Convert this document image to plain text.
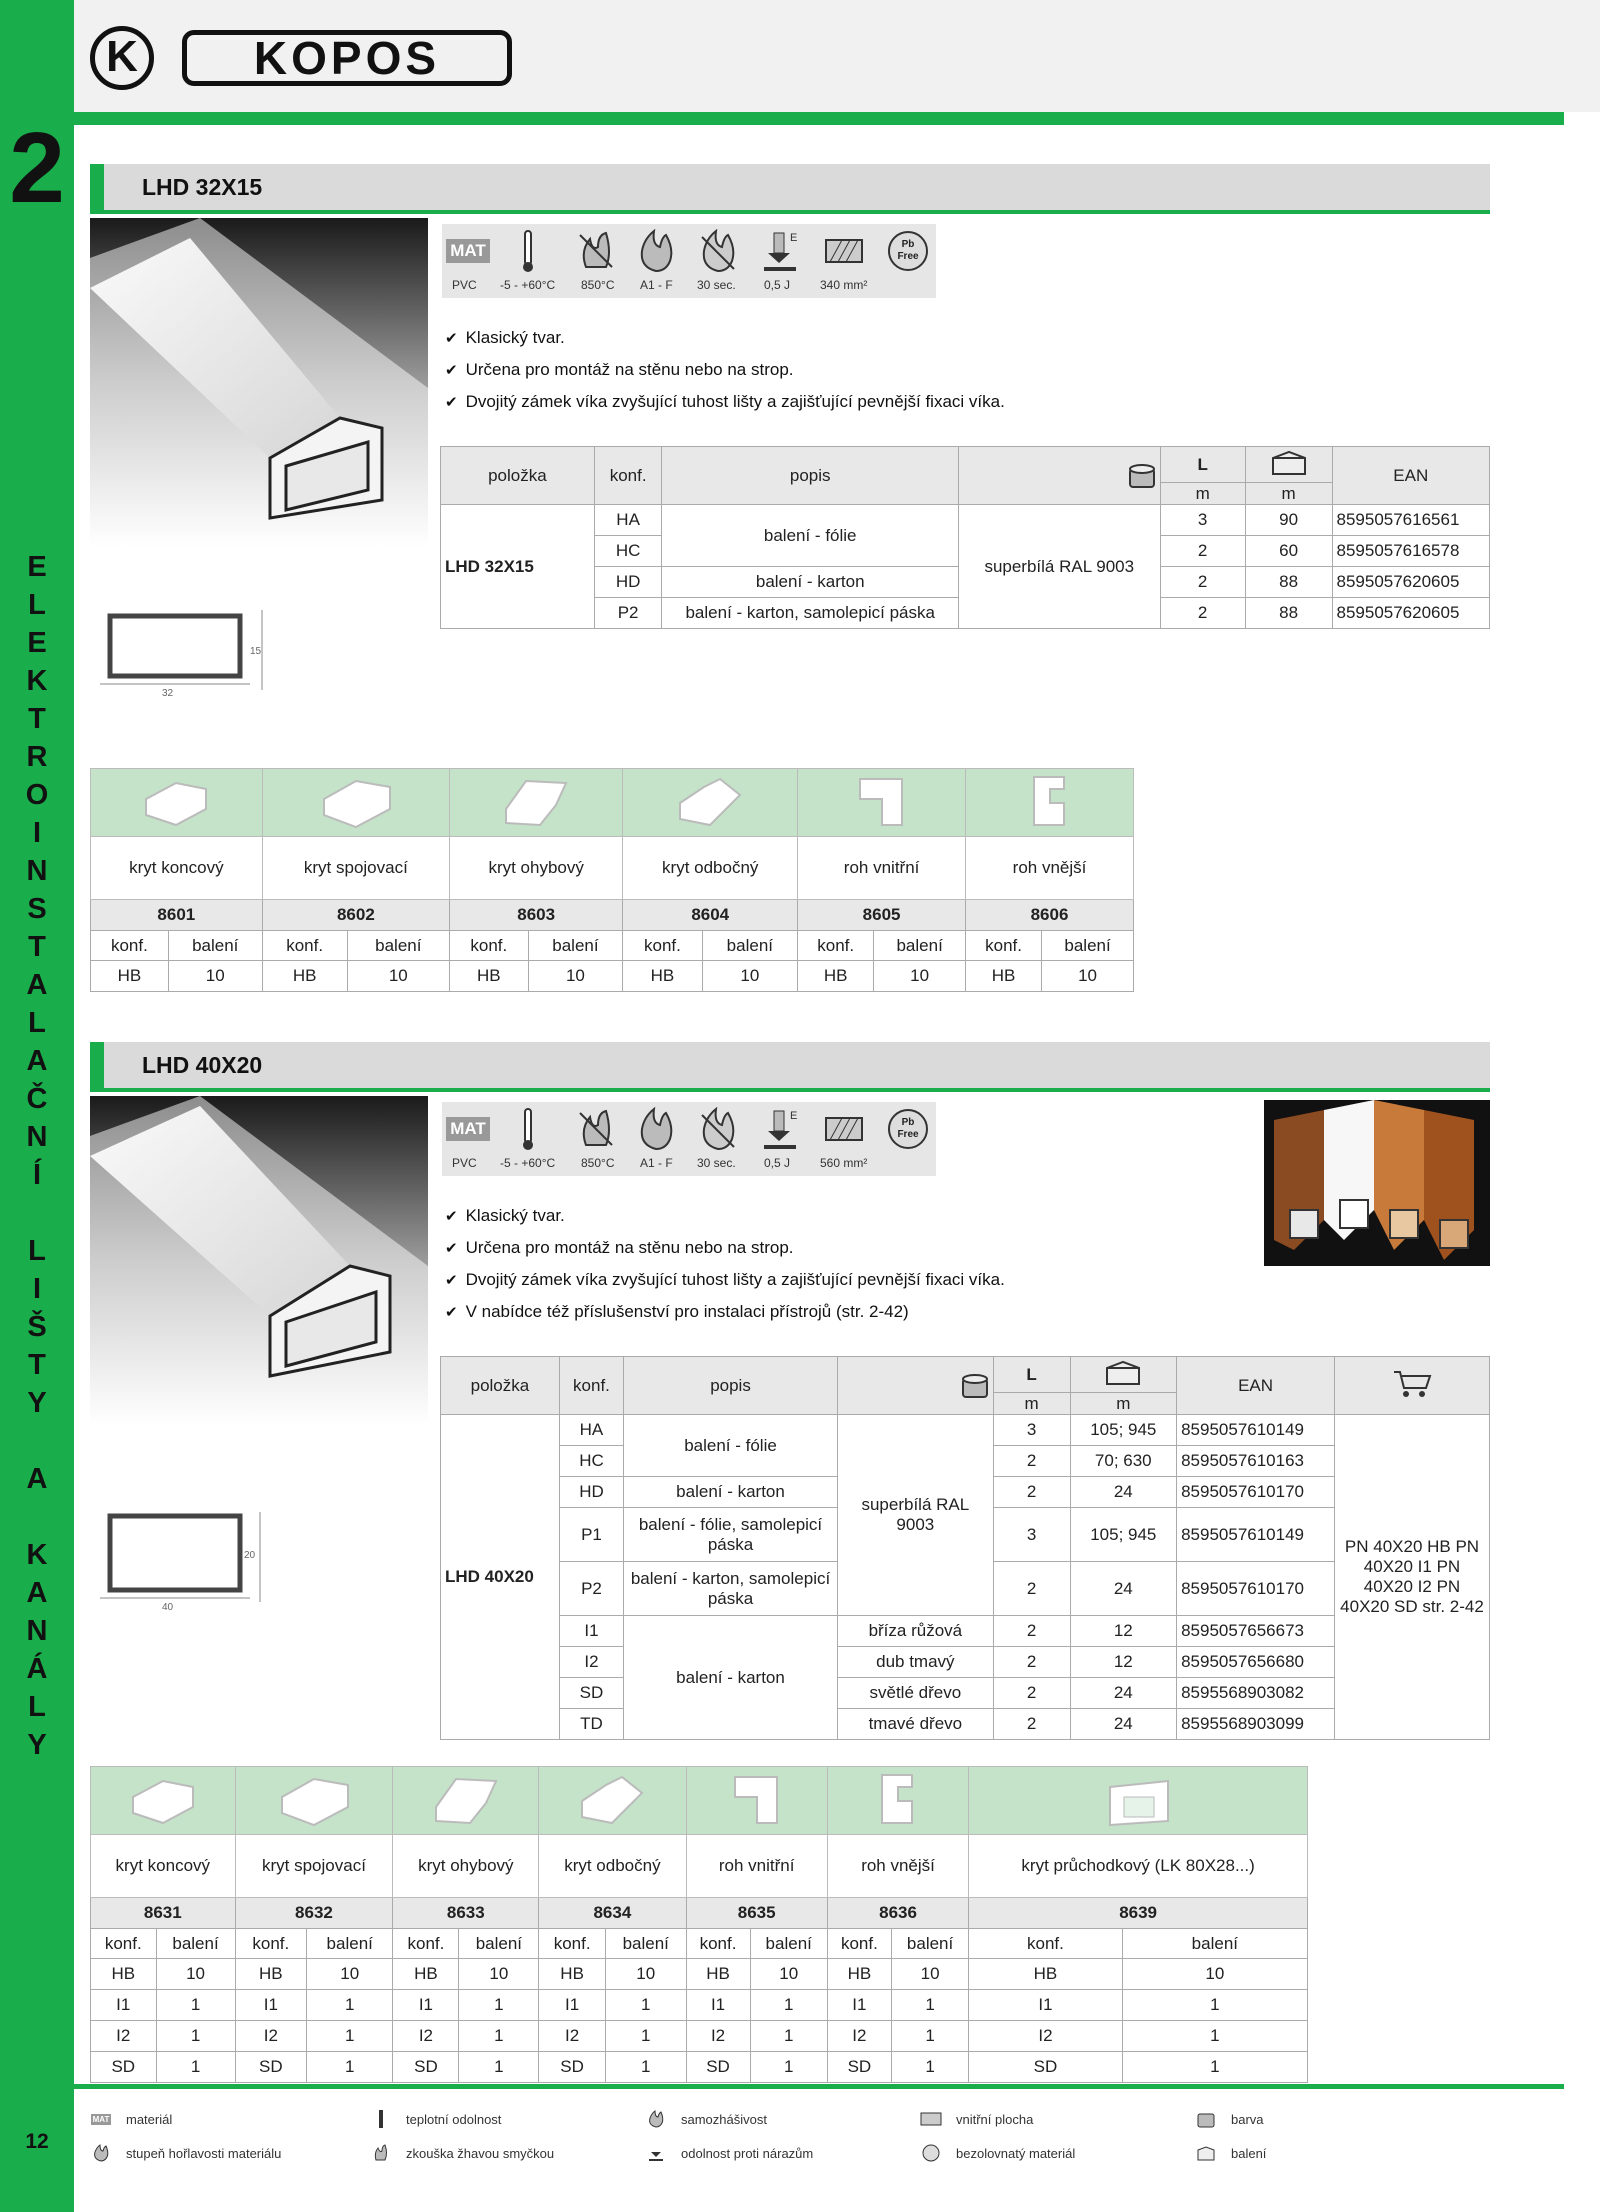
2
E
L
E
K
T
R
O
I
N
S
T
A
L
A
Č
N
Í
L
I
Š
T
Y
A
K
A
N
Á
L
Y
12
K	KOPOS
LHD 32X15
32
15
MAT
E
Pb Free
PVC -5 - +60°C 850°C A1 - F 30 sec. 0,5 J 340 mm²
✔ Klasický tvar.
✔ Určena pro montáž na stěnu nebo na strop.
✔ Dvojitý zámek víka zvyšující tuhost lišty a zajišťující pevnější fixaci víka.
položka	konf.	popis		L		EAN
				m	m	
LHD 32X15	HA	balení - fólie	superbílá RAL 9003	3	90	8595057616561
	HC			2	60	8595057616578
	HD	balení - karton		2	88	8595057620605
	P2	balení - karton, samolepicí páska		2	88	8595057620605

kryt koncový		kryt spojovací		kryt ohybový		kryt odbočný		roh vnitřní		roh vnější	
8601		8602		8603		8604		8605		8606	
konf.	balení	konf.	balení	konf.	balení	konf.	balení	konf.	balení	konf.	balení
HB	10	HB	10	HB	10	HB	10	HB	10	HB	10
LHD 40X20
40
20
MAT
E
Pb Free
PVC -5 - +60°C 850°C A1 - F 30 sec. 0,5 J 560 mm²
✔ Klasický tvar.
✔ Určena pro montáž na stěnu nebo na strop.
✔ Dvojitý zámek víka zvyšující tuhost lišty a zajišťující pevnější fixaci víka.
✔ V nabídce též příslušenství pro instalaci přístrojů (str. 2-42)
položka	konf.	popis		L		EAN	
				m	m		
LHD 40X20	HA	balení - fólie	superbílá RAL 9003	3	105; 945	8595057610149	PN 40X20 HB PN 40X20 I1 PN 40X20 I2 PN 40X20 SD str. 2-42
	HC			2	70; 630	8595057610163	
	HD	balení - karton		2	24	8595057610170	
	P1	balení - fólie, samolepicí páska		3	105; 945	8595057610149	
	P2	balení - karton, samolepicí páska		2	24	8595057610170	
	I1	balení - karton	bříza růžová	2	12	8595057656673	
	I2		dub tmavý	2	12	8595057656680	
	SD		světlé dřevo	2	24	8595568903082	
	TD		tmavé dřevo	2	24	8595568903099	

kryt koncový		kryt spojovací		kryt ohybový		kryt odbočný		roh vnitřní		roh vnější		kryt průchodkový (LK 80X28...)	
8631		8632		8633		8634		8635		8636		8639	
konf.	balení	konf.	balení	konf.	balení	konf.	balení	konf.	balení	konf.	balení	konf.	balení
HB	10	HB	10	HB	10	HB	10	HB	10	HB	10	HB	10
I1	1	I1	1	I1	1	I1	1	I1	1	I1	1	I1	1
I2	1	I2	1	I2	1	I2	1	I2	1	I2	1	I2	1
SD	1	SD	1	SD	1	SD	1	SD	1	SD	1	SD	1
MAT materiál	teplotní odolnost	samozhášivost	vnitřní plocha	barva
stupeň hořlavosti materiálu	zkouška žhavou smyčkou	odolnost proti nárazům	bezolovnatý materiál	balení
